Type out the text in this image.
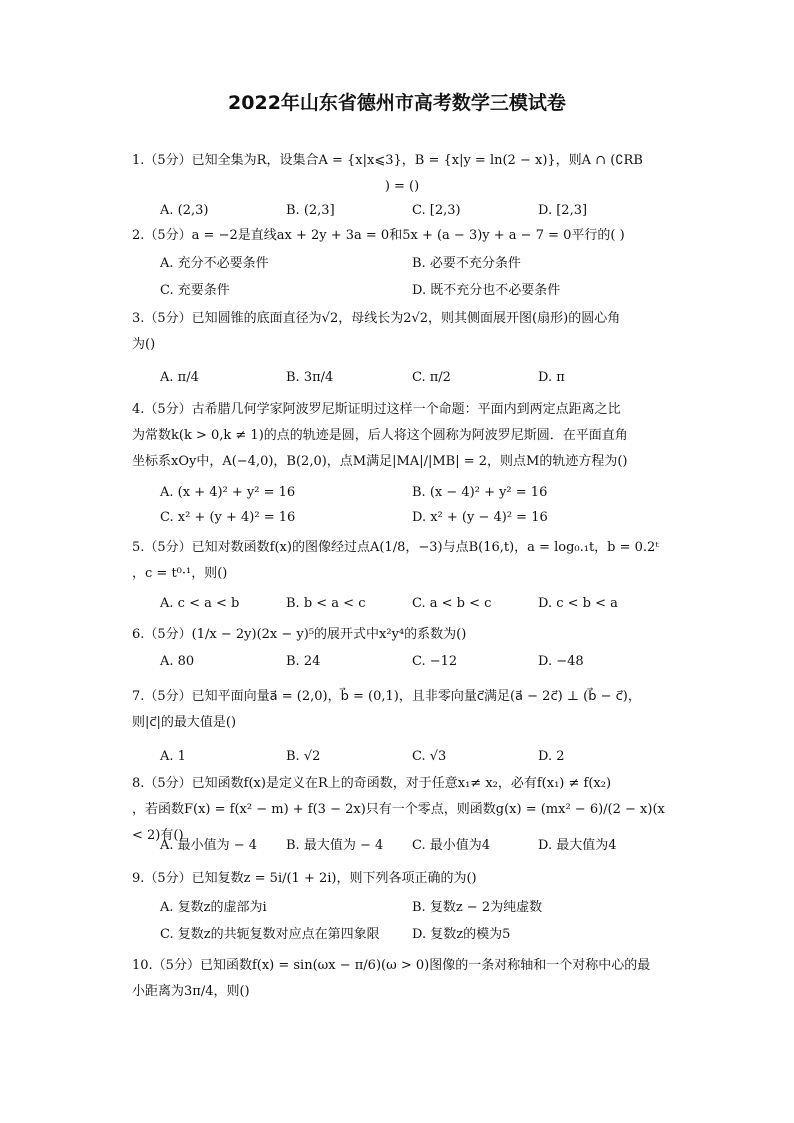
2022年山东省德州市高考数学三模试卷
1.（5分）已知全集为R，设集合A = {x|x⩽3}，B = {x|y = ln(2 − x)}，则A ∩ (∁RB
) = ()
A. (2,3)	B. (2,3]	C. [2,3)	D. [2,3]
2.（5分）a = −2是直线ax + 2y + 3a = 0和5x + (a − 3)y + a − 7 = 0平行的( )
A. 充分不必要条件	B. 必要不充分条件
C. 充要条件	D. 既不充分也不必要条件
3.（5分）已知圆锥的底面直径为√2，母线长为2√2，则其侧面展开图(扇形)的圆心角
为()
A. π/4	B. 3π/4	C. π/2	D. π
4.（5分）古希腊几何学家阿波罗尼斯证明过这样一个命题：平面内到两定点距离之比
为常数k(k > 0,k ≠ 1)的点的轨迹是圆，后人将这个圆称为阿波罗尼斯圆．在平面直角
坐标系xOy中，A(−4,0)，B(2,0)，点M满足|MA|/|MB| = 2，则点M的轨迹方程为()
A. (x + 4)² + y² = 16	B. (x − 4)² + y² = 16
C. x² + (y + 4)² = 16	D. x² + (y − 4)² = 16
5.（5分）已知对数函数f(x)的图像经过点A(1/8，−3)与点B(16,t)，a = log₀.₁t，b = 0.2ᵗ
，c = t⁰·¹，则()
A. c < a < b	B. b < a < c	C. a < b < c	D. c < b < a
6.（5分）(1/x − 2y)(2x − y)⁵的展开式中x²y⁴的系数为()
A. 80	B. 24	C. −12	D. −48
7.（5分）已知平面向量a⃗ = (2,0)，b⃗ = (0,1)，且非零向量c⃗满足(a⃗ − 2c⃗) ⊥ (b⃗ − c⃗)，
则|c⃗|的最大值是()
A. 1	B. √2	C. √3	D. 2
8.（5分）已知函数f(x)是定义在R上的奇函数，对于任意x₁≠ x₂，必有f(x₁) ≠ f(x₂)
，若函数F(x) = f(x² − m) + f(3 − 2x)只有一个零点，则函数g(x) = (mx² − 6)/(2 − x)(x < 2)有()
A. 最小值为 − 4 B. 最大值为 − 4 C. 最小值为4	D. 最大值为4
9.（5分）已知复数z = 5i/(1 + 2i)，则下列各项正确的为()
A. 复数z的虚部为i	B. 复数z − 2为纯虚数
C. 复数z的共轭复数对应点在第四象限 D. 复数z的模为5
10.（5分）已知函数f(x) = sin(ωx − π/6)(ω > 0)图像的一条对称轴和一个对称中心的最
小距离为3π/4，则()
